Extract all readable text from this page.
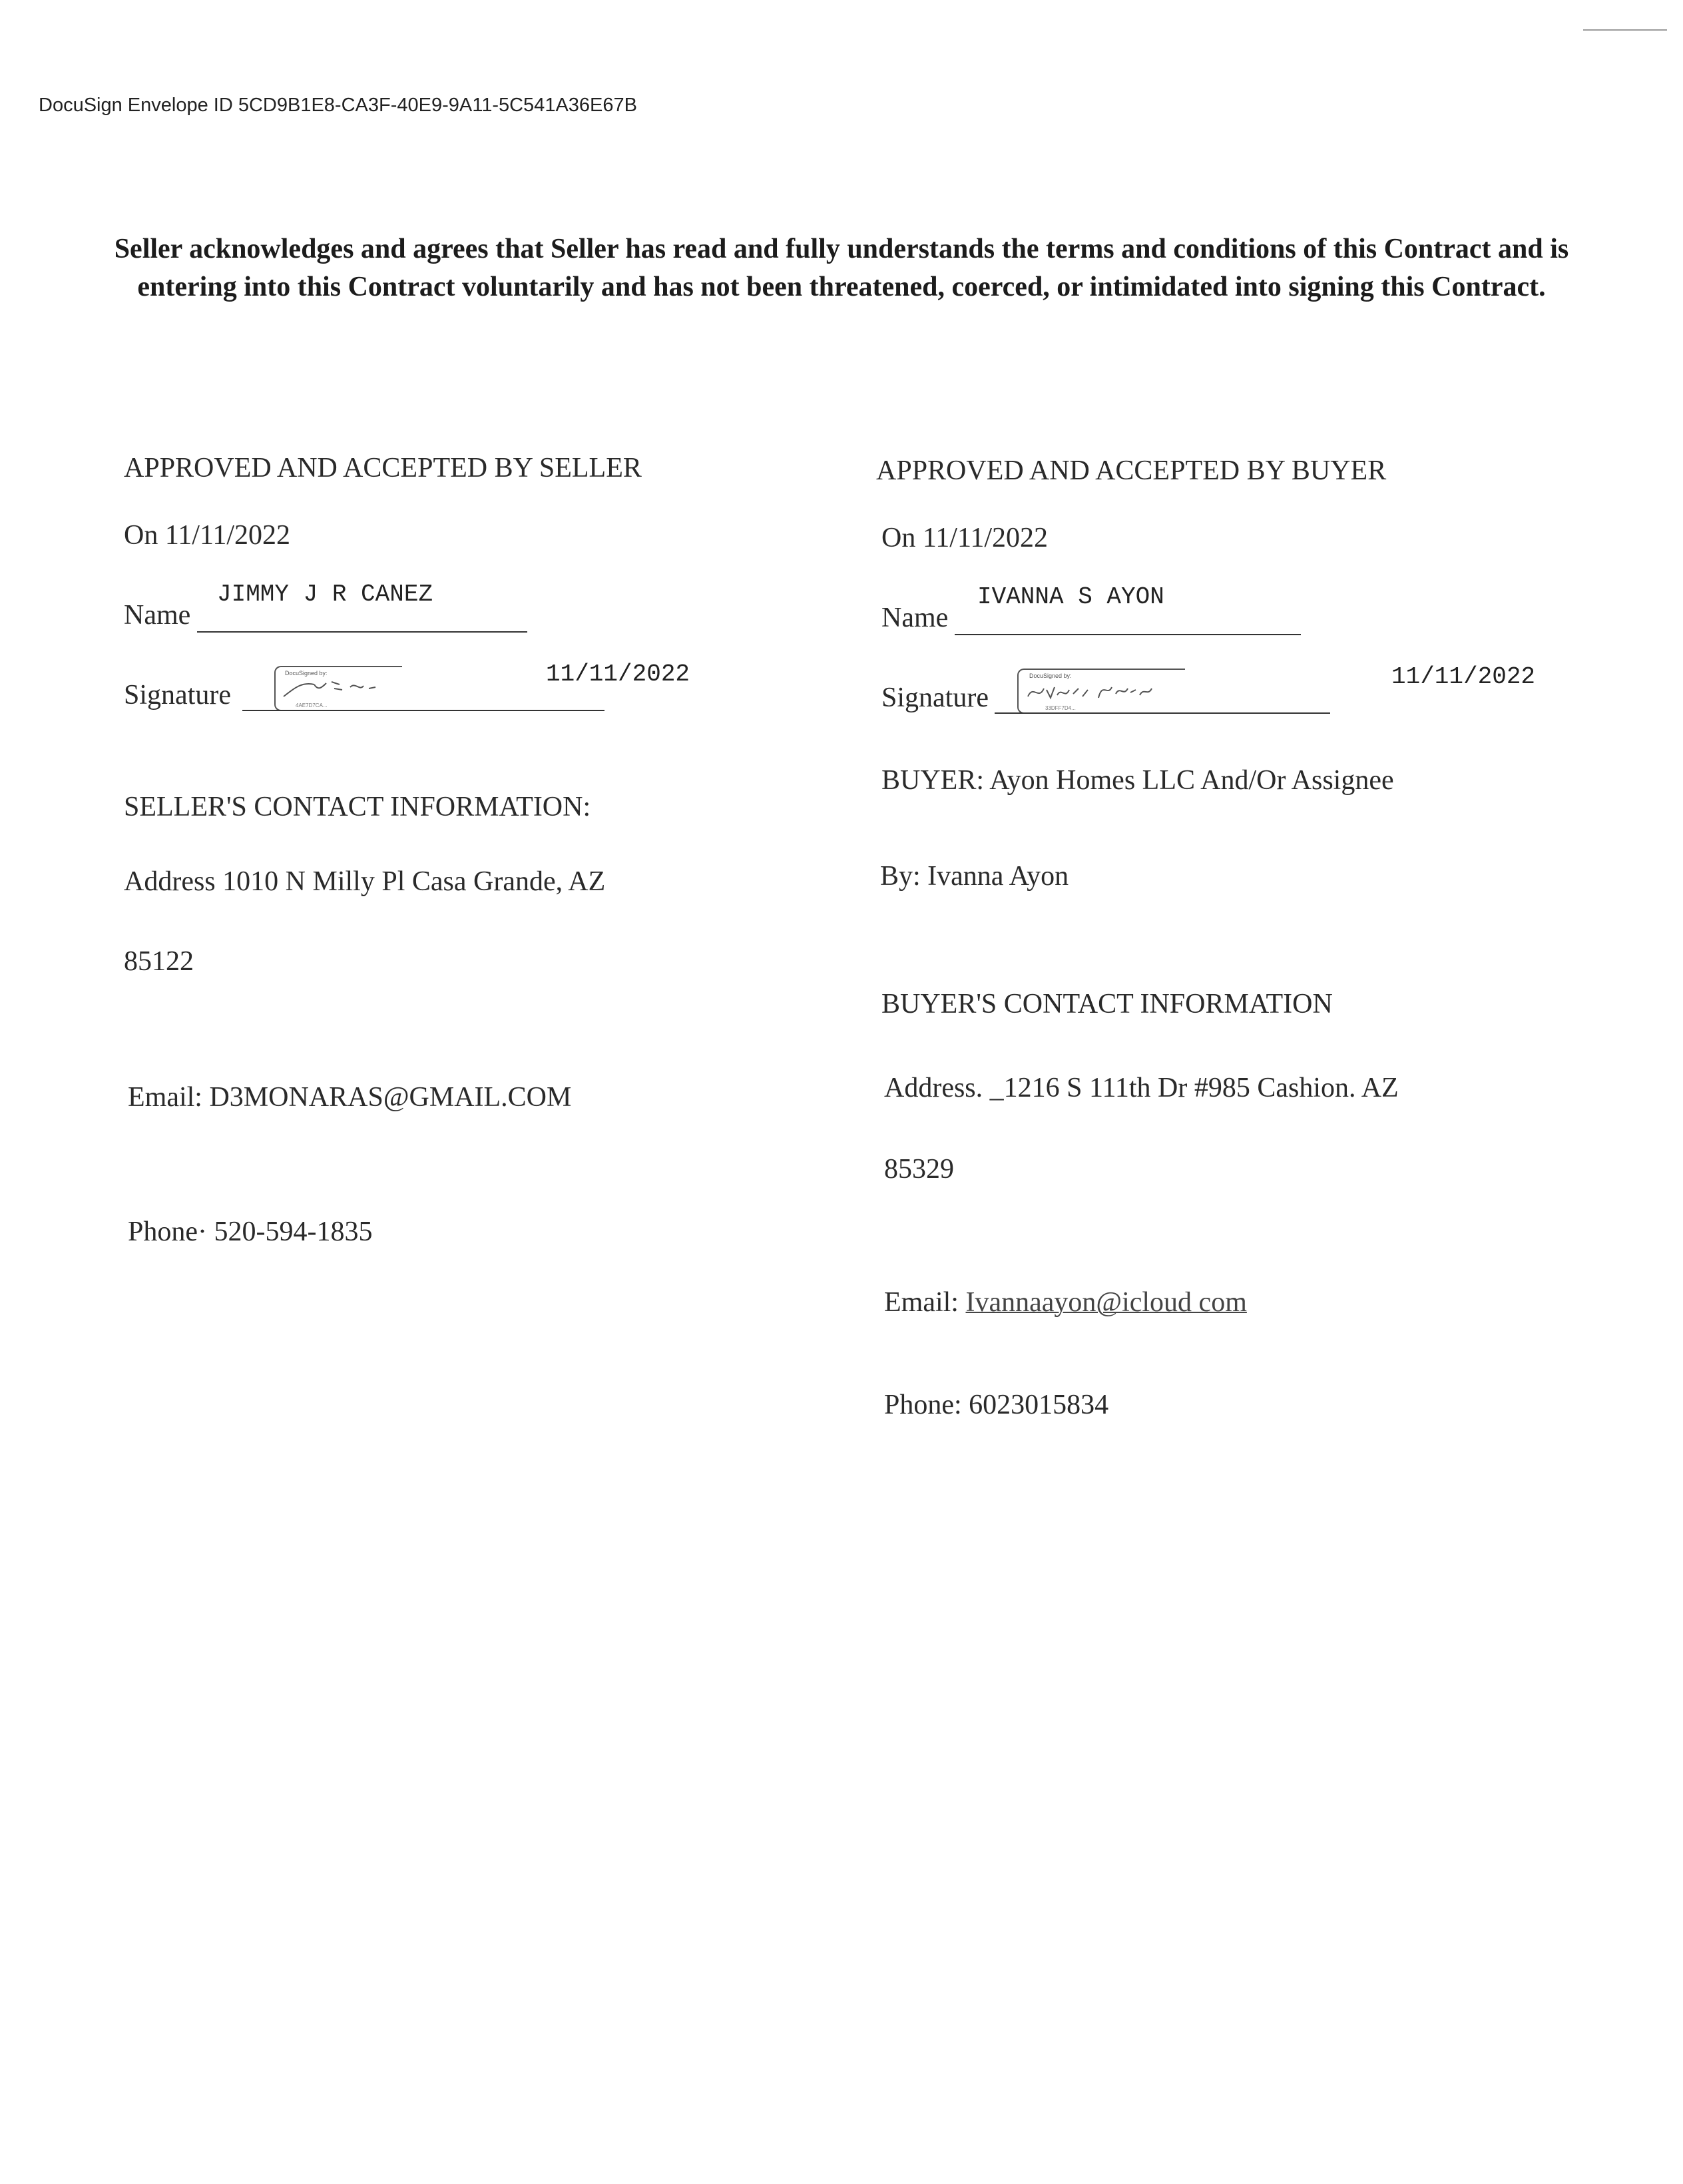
DocuSign Envelope ID 5CD9B1E8-CA3F-40E9-9A11-5C541A36E67B
Seller acknowledges and agrees that Seller has read and fully understands the terms and conditions of this Contract and is entering into this Contract voluntarily and has not been threatened, coerced, or intimidated into signing this Contract.
APPROVED AND ACCEPTED BY SELLER
On 11/11/2022
JIMMY J R CANEZ
Name
Signature
DocuSigned by:
4AE7D7CA...
11/11/2022
SELLER'S CONTACT INFORMATION:
Address 1010 N Milly Pl Casa Grande, AZ
85122
Email: D3MONARAS@GMAIL.COM
Phone· 520-594-1835
APPROVED AND ACCEPTED BY BUYER
On 11/11/2022
IVANNA S AYON
Name
Signature
DocuSigned by:
33DFF7D4...
11/11/2022
BUYER: Ayon Homes LLC And/Or Assignee
By: Ivanna Ayon
BUYER'S CONTACT INFORMATION
Address. _1216 S 111th Dr #985 Cashion. AZ
85329
Email: Ivannaayon@icloud com
Phone: 6023015834
